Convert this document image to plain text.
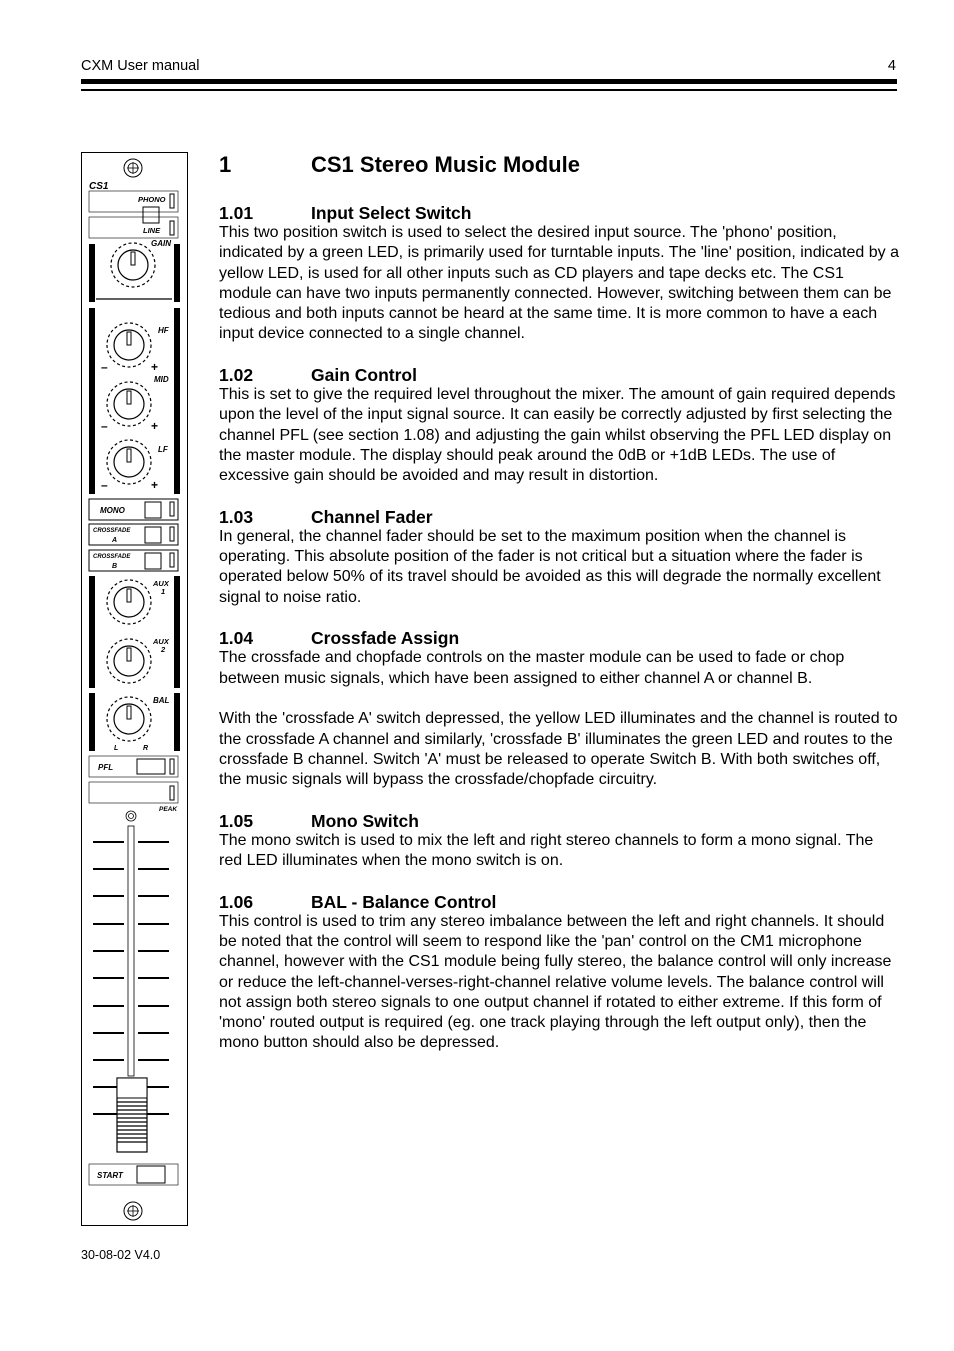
CXM User manual	4
CS1
PHONO
LINE
GAIN
HF
–	+
MID
–	+
LF
–	+
MONO
CROSSFADE
A
CROSSFADE
B
AUX
1
AUX
2
BAL
L	R
PFL
PEAK
START
1	CS1 Stereo Music Module
1.01	Input Select Switch

This two position switch is used to select the desired input source. The 'phono' position, indicated by a green LED, is primarily used for turntable inputs. The 'line' position, indicated by a yellow LED, is used for all other inputs such as CD players and tape decks etc. The CS1 module can have two inputs permanently connected. However, switching between them can be tedious and both inputs cannot be heard at the same time. It is more common to have a each input device connected to a single channel.

1.02	Gain Control

This is set to give the required level throughout the mixer. The amount of gain required depends upon the level of the input signal source. It can easily be correctly adjusted by first selecting the channel PFL (see section 1.08) and adjusting the gain whilst observing the PFL LED display on the master module. The display should peak around the 0dB or +1dB LEDs. The use of excessive gain should be avoided and may result in distortion.

1.03	Channel Fader

In general, the channel fader should be set to the maximum position when the channel is operating. This absolute position of the fader is not critical but a situation where the fader is operated below 50% of its travel should be avoided as this will degrade the normally excellent signal to noise ratio.

1.04	Crossfade Assign

The crossfade and chopfade controls on the master module can be used to fade or chop between music signals, which have been assigned to either channel A or channel B.

With the 'crossfade A' switch depressed, the yellow LED illuminates and the channel is routed to the crossfade A channel and similarly, 'crossfade B' illuminates the green LED and routes to the crossfade B channel. Switch 'A' must be released to operate Switch B. With both switches off, the music signals will bypass the crossfade/chopfade circuitry.

1.05	Mono Switch

The mono switch is used to mix the left and right stereo channels to form a mono signal. The red LED illuminates when the mono switch is on.

1.06	BAL - Balance Control

This control is used to trim any stereo imbalance between the left and right channels. It should be noted that the control will seem to respond like the 'pan' control on the CM1 microphone channel, however with the CS1 module being fully stereo, the balance control will only increase or reduce the left-channel-verses-right-channel relative volume levels. The balance control will not assign both stereo signals to one output channel if rotated to either extreme. If this form of 'mono' routed output is required (eg. one track playing through the left output only), then the mono button should also be depressed.

30-08-02 V4.0
